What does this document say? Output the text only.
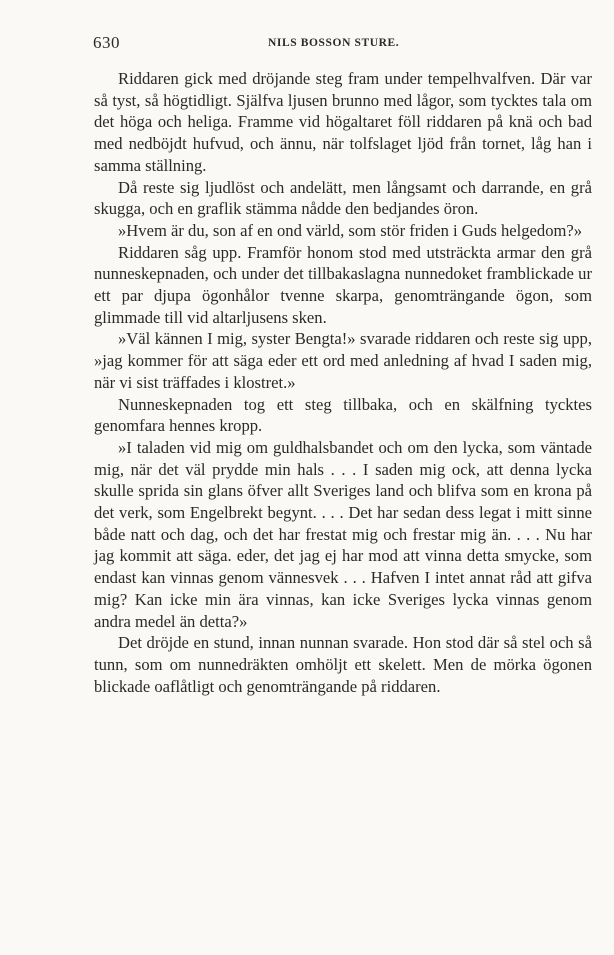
630	NILS BOSSON STURE.

Riddaren gick med dröjande steg fram under tempelhvalfven. Där var så tyst, så högtidligt. Själfva ljusen brunno med lågor, som tycktes tala om det höga och heliga. Framme vid högaltaret föll riddaren på knä och bad med nedböjdt hufvud, och ännu, när tolfslaget ljöd från tornet, låg han i samma ställning.

Då reste sig ljudlöst och andelätt, men långsamt och darrande, en grå skugga, och en graflik stämma nådde den bedjandes öron.

»Hvem är du, son af en ond värld, som stör friden i Guds helgedom?»

Riddaren såg upp. Framför honom stod med utsträckta armar den grå nunneskepnaden, och under det tillbakaslagna nunnedoket framblickade ur ett par djupa ögonhålor tvenne skarpa, genomträngande ögon, som glimmade till vid altarljusens sken.

»Väl kännen I mig, syster Bengta!» svarade riddaren och reste sig upp, »jag kommer för att säga eder ett ord med anledning af hvad I saden mig, när vi sist träffades i klostret.»

Nunneskepnaden tog ett steg tillbaka, och en skälfning tycktes genomfara hennes kropp.

»I taladen vid mig om guldhalsbandet och om den lycka, som väntade mig, när det väl prydde min hals . . . I saden mig ock, att denna lycka skulle sprida sin glans öfver allt Sveriges land och blifva som en krona på det verk, som Engelbrekt begynt. . . . Det har sedan dess legat i mitt sinne både natt och dag, och det har frestat mig och frestar mig än. . . . Nu har jag kommit att säga. eder, det jag ej har mod att vinna detta smycke, som endast kan vinnas genom vännesvek . . . Hafven I intet annat råd att gifva mig? Kan icke min ära vinnas, kan icke Sveriges lycka vinnas genom andra medel än detta?»

Det dröjde en stund, innan nunnan svarade. Hon stod där så stel och så tunn, som om nunnedräkten omhöljt ett skelett. Men de mörka ögonen blickade oaflåtligt och genomträngande på riddaren.
